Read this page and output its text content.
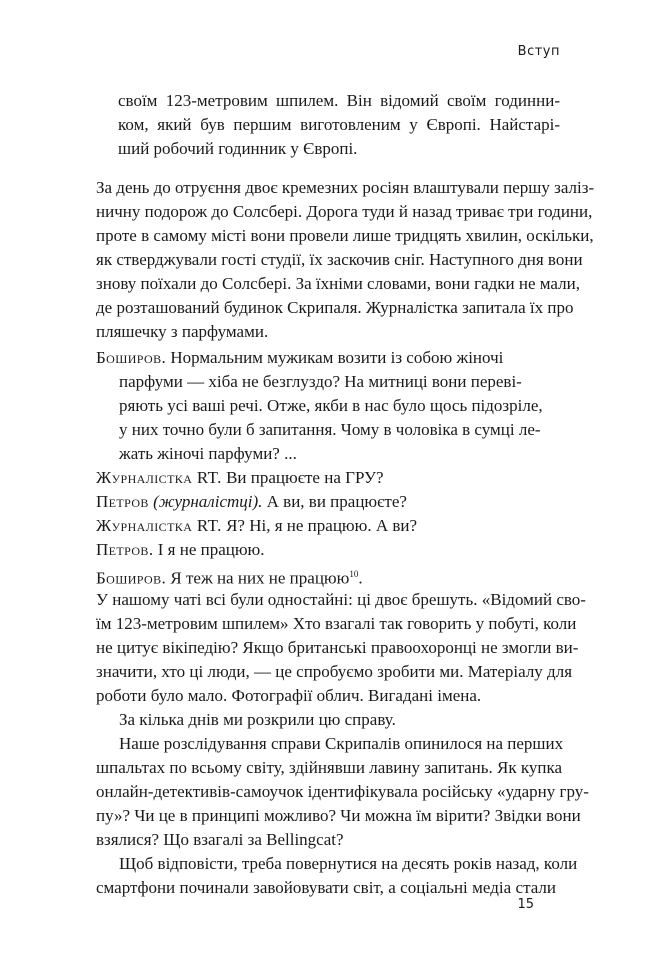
Вступ
своїм 123-метровим шпилем. Він відомий своїм годинни-
ком, який був першим виготовленим у Європі. Найстарі-
ший робочий годинник у Європі.
За день до отруєння двоє кремезних росіян влаштували першу заліз-
ничну подорож до Солсбері. Дорога туди й назад триває три години,
проте в самому місті вони провели лише тридцять хвилин, оскільки,
як стверджували гості студії, їх заскочив сніг. Наступного дня вони
знову поїхали до Солсбері. За їхніми словами, вони гадки не мали,
де розташований будинок Скрипаля. Журналістка запитала їх про
пляшечку з парфумами.
Боширов. Нормальним мужикам возити із собою жіночі
парфуми — хіба не безглуздо? На митниці вони переві-
ряють усі ваші речі. Отже, якби в нас було щось підозріле,
у них точно були б запитання. Чому в чоловіка в сумці ле-
жать жіночі парфуми? ...
Журналістка RT. Ви працюєте на ГРУ?
Петров (журналістці). А ви, ви працюєте?
Журналістка RT. Я? Ні, я не працюю. А ви?
Петров. І я не працюю.
Боширов. Я теж на них не працюю$^{10}$.
У нашому чаті всі були одностайні: ці двоє брешуть. «Відомий сво-
їм 123-метровим шпилем» Хто взагалі так говорить у побуті, коли
не цитує вікіпедію? Якщо британські правоохоронці не змогли ви-
значити, хто ці люди, — це спробуємо зробити ми. Матеріалу для
роботи було мало. Фотографії облич. Вигадані імена.
За кілька днів ми розкрили цю справу.
Наше розслідування справи Скрипалів опинилося на перших
шпальтах по всьому світу, здійнявши лавину запитань. Як купка
онлайн-детективів-самоучок ідентифікувала російську «ударну гру-
пу»? Чи це в принципі можливо? Чи можна їм вірити? Звідки вони
взялися? Що взагалі за Bellingcat?
Щоб відповісти, треба повернутися на десять років назад, коли
смартфони починали завойовувати світ, а соціальні медіа стали
15
